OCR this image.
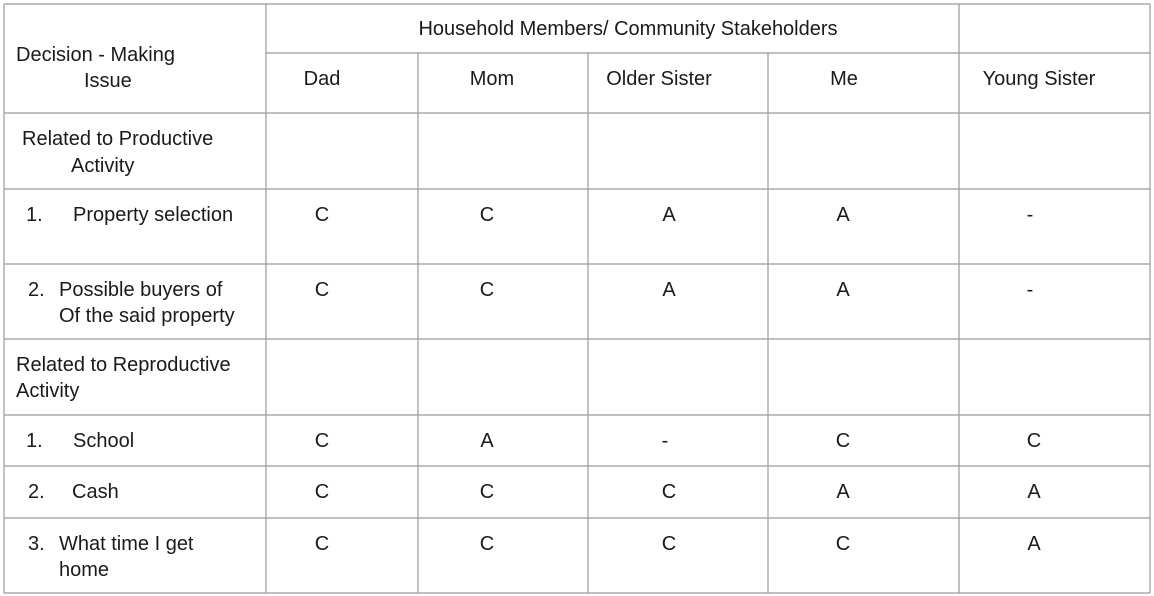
Decision - Making
Issue
Household Members/ Community Stakeholders
Dad	Mom	Older Sister	Me	Young Sister
Related to Productive
Activity
1. Property selection	C	C	A	A	-
2. Possible buyers of
Of the said property
C	C	A	A	-
Related to Reproductive
Activity
1. School	C	A	-	C	C
2. Cash	C	C	C	A	A
3. What time I get
home
C	C	C	C	A
